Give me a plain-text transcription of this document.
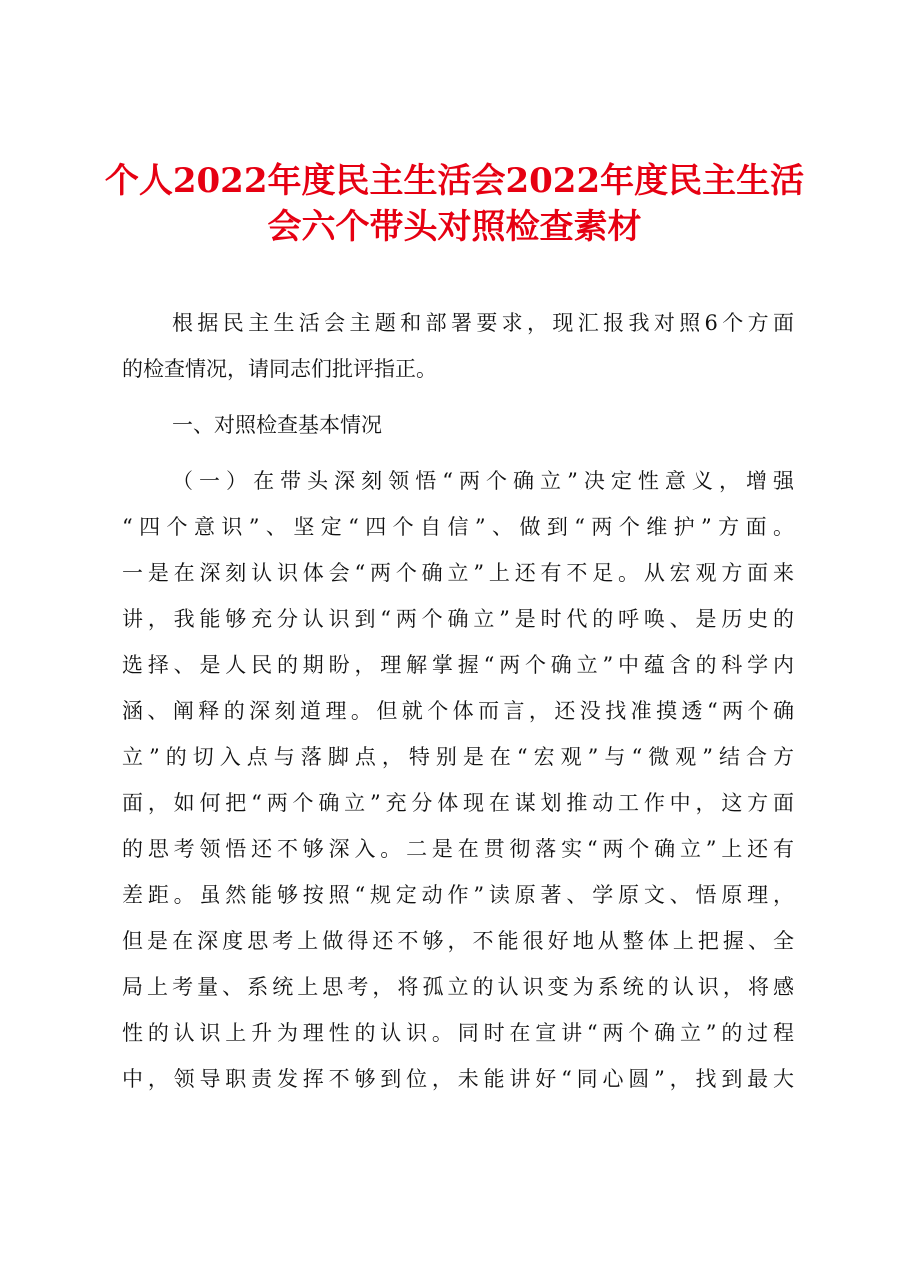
个人2022年度民主生活会2022年度民主生活
会六个带头对照检查素材
根据民主生活会主题和部署要求，现汇报我对照6个方面
的检查情况，请同志们批评指正。
一、对照检查基本情况
（一）在带头深刻领悟“两个确立”决定性意义，增强
“四个意识”、坚定“四个自信”、做到“两个维护”方面。
一是在深刻认识体会“两个确立”上还有不足。从宏观方面来
讲，我能够充分认识到“两个确立”是时代的呼唤、是历史的
选择、是人民的期盼，理解掌握“两个确立”中蕴含的科学内
涵、阐释的深刻道理。但就个体而言，还没找准摸透“两个确
立”的切入点与落脚点，特别是在“宏观”与“微观”结合方
面，如何把“两个确立”充分体现在谋划推动工作中，这方面
的思考领悟还不够深入。二是在贯彻落实“两个确立”上还有
差距。虽然能够按照“规定动作”读原著、学原文、悟原理，
但是在深度思考上做得还不够，不能很好地从整体上把握、全
局上考量、系统上思考，将孤立的认识变为系统的认识，将感
性的认识上升为理性的认识。同时在宣讲“两个确立”的过程
中，领导职责发挥不够到位，未能讲好“同心圆”，找到最大
